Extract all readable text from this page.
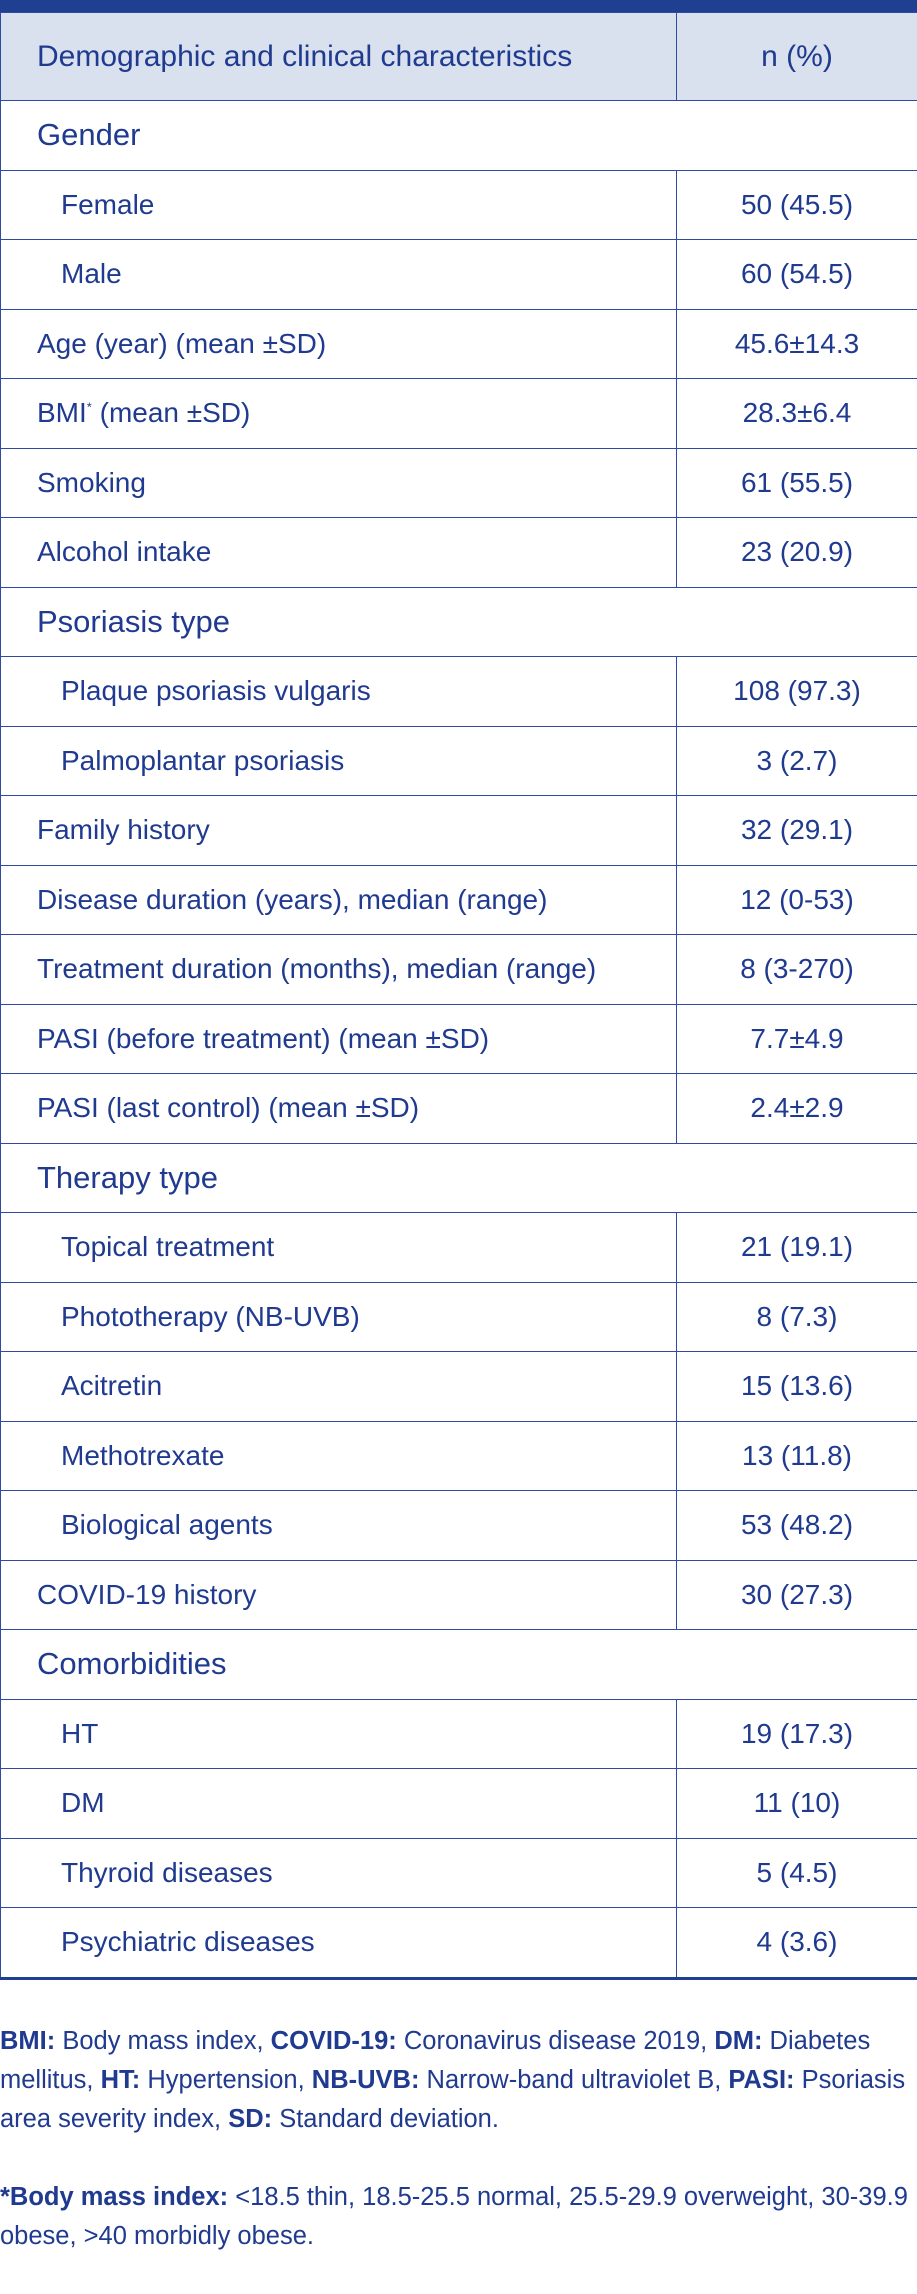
Demographic and clinical characteristics	n (%)
Gender	
Female	50 (45.5)
Male	60 (54.5)
Age (year) (mean ±SD)	45.6±14.3
BMI* (mean ±SD)	28.3±6.4
Smoking	61 (55.5)
Alcohol intake	23 (20.9)
Psoriasis type	
Plaque psoriasis vulgaris	108 (97.3)
Palmoplantar psoriasis	3 (2.7)
Family history	32 (29.1)
Disease duration (years), median (range)	12 (0-53)
Treatment duration (months), median (range)	8 (3-270)
PASI (before treatment) (mean ±SD)	7.7±4.9
PASI (last control) (mean ±SD)	2.4±2.9
Therapy type	
Topical treatment	21 (19.1)
Phototherapy (NB-UVB)	8 (7.3)
Acitretin	15 (13.6)
Methotrexate	13 (11.8)
Biological agents	53 (48.2)
COVID-19 history	30 (27.3)
Comorbidities	
HT	19 (17.3)
DM	11 (10)
Thyroid diseases	5 (4.5)
Psychiatric diseases	4 (3.6)
BMI: Body mass index, COVID-19: Coronavirus disease 2019, DM: Diabetes mellitus, HT: Hypertension, NB-UVB: Narrow-band ultraviolet B, PASI: Psoriasis area severity index, SD: Standard deviation.
*Body mass index: <18.5 thin, 18.5-25.5 normal, 25.5-29.9 overweight, 30-39.9 obese, >40 morbidly obese.
